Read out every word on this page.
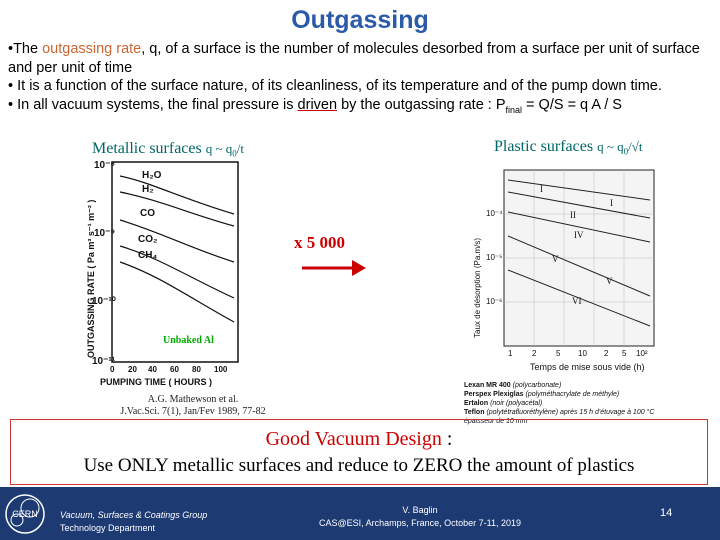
Outgassing

•The outgassing rate, q, of a surface is the number of molecules desorbed from a surface per unit of surface and per unit of time

• It is a function of the surface nature, of its cleanliness, of its temperature and of the pump down time.

• In all vacuum systems, the final pressure is driven by the outgassing rate : $P_{final} = Q/S = q$ A / S

Metallic surfaces q ~ $q_0/t$	Plastic surfaces q ~ $q_0/√t$
10⁻⁸
10⁻⁹
10⁻¹⁰
10⁻¹¹
OUTGASSING RATE ( Pa m³ s⁻¹ m⁻² )
PUMPING TIME ( HOURS )
0 20 40 60 80 100
H₂O
H₂
CO
CO₂
CH₄
Unbaked Al
A.G. Mathewson et al.
J.Vac.Sci. 7(1), Jan/Fev 1989, 77-82
x 5 000
I
I
II
IV
V
V
VI
10⁻⁴
10⁻⁵
10⁻⁶
Taux de désorption (Pa.m/s)
1 2 5 10 2 5 10²
Temps de mise sous vide (h)
Lexan MR 400 (polycarbonate)
Perspex Plexiglas (polyméthacrylate de méthyle)
Ertalon (noir (polyacétal)
Teflon (polytétrafluoréthylène) après 15 h d'étuvage à 100 °C
épaisseur de 10 mm
Good Vacuum Design :
Use ONLY metallic surfaces and reduce to ZERO the amount of plastics
CERN Vacuum, Surfaces & Coatings Group
Technology Department
V. Baglin
CAS@ESI, Archamps, France, October 7-11, 2019
14
